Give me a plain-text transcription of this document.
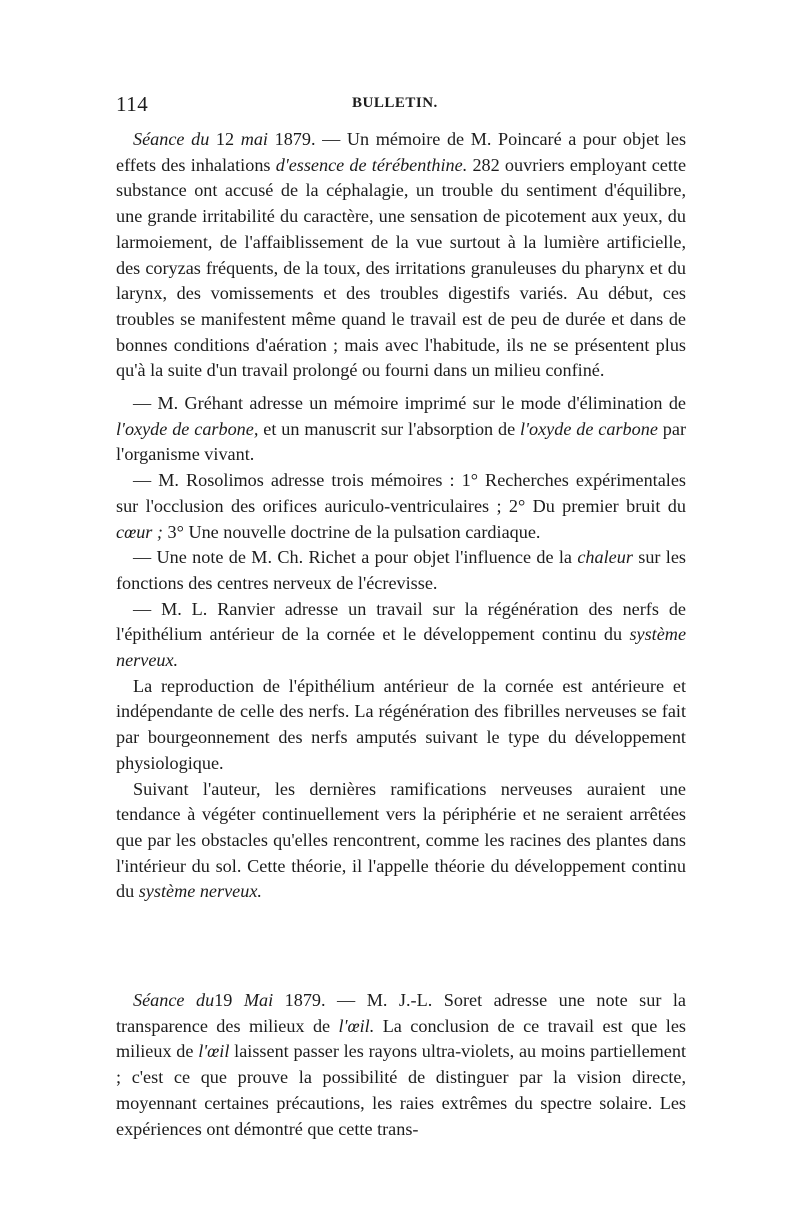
114	BULLETIN.

Séance du 12 mai 1879. — Un mémoire de M. Poincaré a pour objet les effets des inhalations d'essence de térébenthine. 282 ouvriers employant cette substance ont accusé de la céphalagie, un trouble du sentiment d'équilibre, une grande irritabilité du caractère, une sensation de picotement aux yeux, du larmoiement, de l'affaiblissement de la vue surtout à la lumière artificielle, des coryzas fréquents, de la toux, des irritations granuleuses du pharynx et du larynx, des vomissements et des troubles digestifs variés. Au début, ces troubles se manifestent même quand le travail est de peu de durée et dans de bonnes conditions d'aération ; mais avec l'habitude, ils ne se présentent plus qu'à la suite d'un travail prolongé ou fourni dans un milieu confiné.

— M. Gréhant adresse un mémoire imprimé sur le mode d'élimination de l'oxyde de carbone, et un manuscrit sur l'absorption de l'oxyde de carbone par l'organisme vivant.

— M. Rosolimos adresse trois mémoires : 1° Recherches expérimentales sur l'occlusion des orifices auriculo-ventriculaires ; 2° Du premier bruit du cœur ; 3° Une nouvelle doctrine de la pulsation cardiaque.

— Une note de M. Ch. Richet a pour objet l'influence de la chaleur sur les fonctions des centres nerveux de l'écrevisse.

— M. L. Ranvier adresse un travail sur la régénération des nerfs de l'épithélium antérieur de la cornée et le développement continu du système nerveux.

La reproduction de l'épithélium antérieur de la cornée est antérieure et indépendante de celle des nerfs. La régénération des fibrilles nerveuses se fait par bourgeonnement des nerfs amputés suivant le type du développement physiologique.

Suivant l'auteur, les dernières ramifications nerveuses auraient une tendance à végéter continuellement vers la périphérie et ne seraient arrêtées que par les obstacles qu'elles rencontrent, comme les racines des plantes dans l'intérieur du sol. Cette théorie, il l'appelle théorie du développement continu du système nerveux.

Séance du19 Mai 1879. — M. J.-L. Soret adresse une note sur la transparence des milieux de l'œil. La conclusion de ce travail est que les milieux de l'œil laissent passer les rayons ultra-violets, au moins partiellement ; c'est ce que prouve la possibilité de distinguer par la vision directe, moyennant certaines précautions, les raies extrêmes du spectre solaire. Les expériences ont démontré que cette trans-
